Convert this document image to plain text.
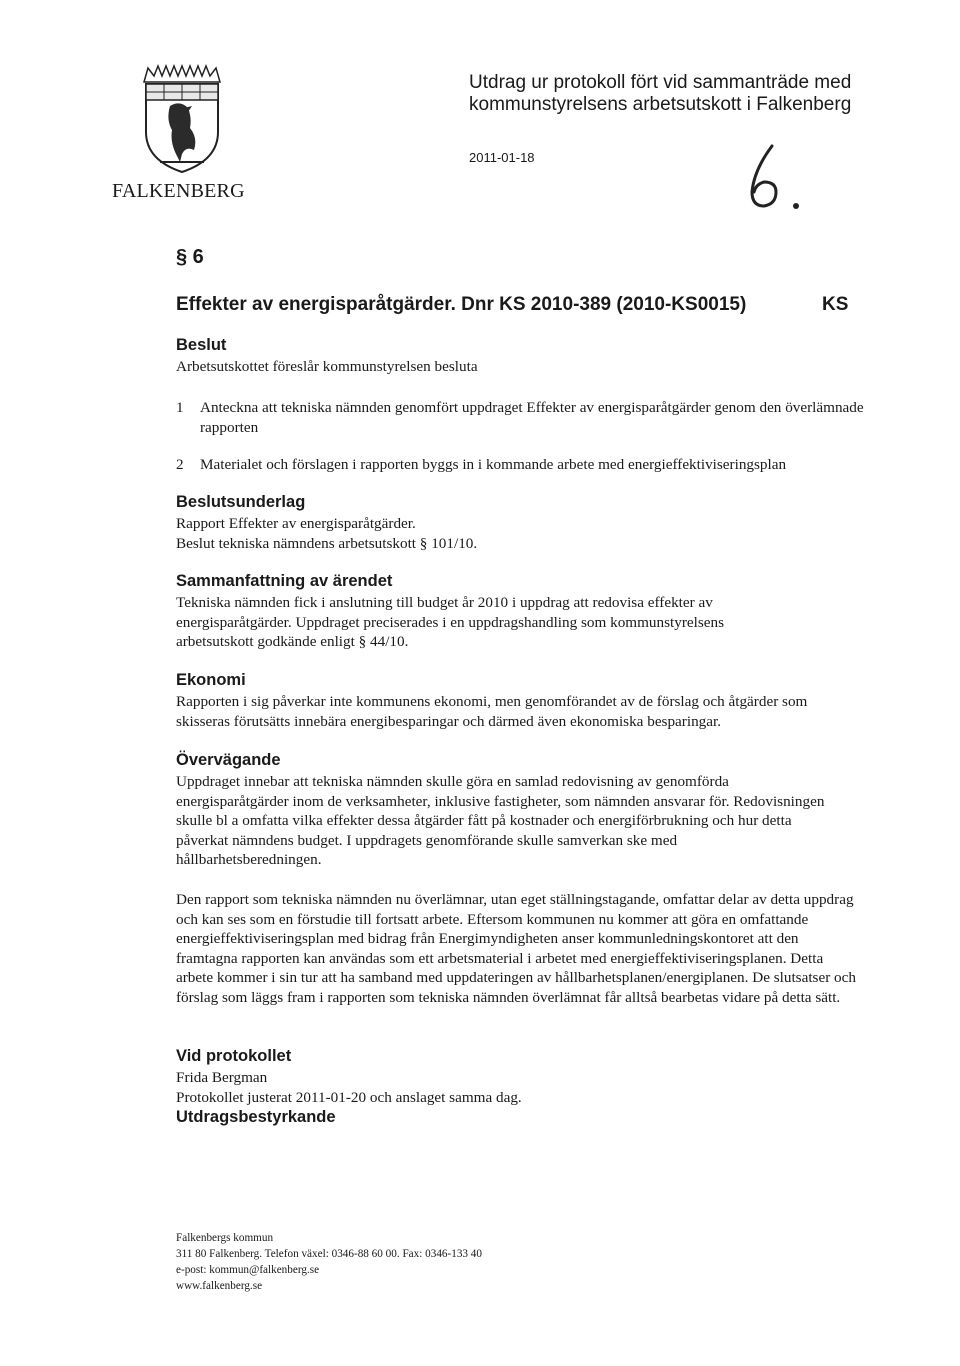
FALKENBERG
Utdrag ur protokoll fört vid sammanträde med
kommunstyrelsens arbetsutskott i Falkenberg
2011-01-18
§ 6
Effekter av energisparåtgärder. Dnr KS 2010-389 (2010-KS0015)	KS
Beslut
Arbetsutskottet föreslår kommunstyrelsen besluta
1	Anteckna att tekniska nämnden genomfört uppdraget Effekter av energisparåtgärder genom den överlämnade rapporten
2	Materialet och förslagen i rapporten byggs in i kommande arbete med energieffektiviseringsplan
Beslutsunderlag
Rapport Effekter av energisparåtgärder.
Beslut tekniska nämndens arbetsutskott § 101/10.
Sammanfattning av ärendet
Tekniska nämnden fick i anslutning till budget år 2010 i uppdrag att redovisa effekter av energisparåtgärder. Uppdraget preciserades i en uppdragshandling som kommunstyrelsens arbetsutskott godkände enligt § 44/10.
Ekonomi
Rapporten i sig påverkar inte kommunens ekonomi, men genomförandet av de förslag och åtgärder som skisseras förutsätts innebära energibesparingar och därmed även ekonomiska besparingar.
Övervägande
Uppdraget innebar att tekniska nämnden skulle göra en samlad redovisning av genomförda energisparåtgärder inom de verksamheter, inklusive fastigheter, som nämnden ansvarar för. Redovisningen skulle bl a omfatta vilka effekter dessa åtgärder fått på kostnader och energiförbrukning och hur detta påverkat nämndens budget. I uppdragets genomförande skulle samverkan ske med hållbarhetsberedningen.
Den rapport som tekniska nämnden nu överlämnar, utan eget ställningstagande, omfattar delar av detta uppdrag och kan ses som en förstudie till fortsatt arbete. Eftersom kommunen nu kommer att göra en omfattande energieffektiviseringsplan med bidrag från Energimyndigheten anser kommunledningskontoret att den framtagna rapporten kan användas som ett arbetsmaterial i arbetet med energieffektiviseringsplanen. Detta arbete kommer i sin tur att ha samband med uppdateringen av hållbarhetsplanen/energiplanen. De slutsatser och förslag som läggs fram i rapporten som tekniska nämnden överlämnat får alltså bearbetas vidare på detta sätt.
Vid protokollet
Frida Bergman
Protokollet justerat 2011-01-20 och anslaget samma dag.
Utdragsbestyrkande
Falkenbergs kommun
311 80 Falkenberg. Telefon växel: 0346-88 60 00. Fax: 0346-133 40
e-post: kommun@falkenberg.se
www.falkenberg.se
